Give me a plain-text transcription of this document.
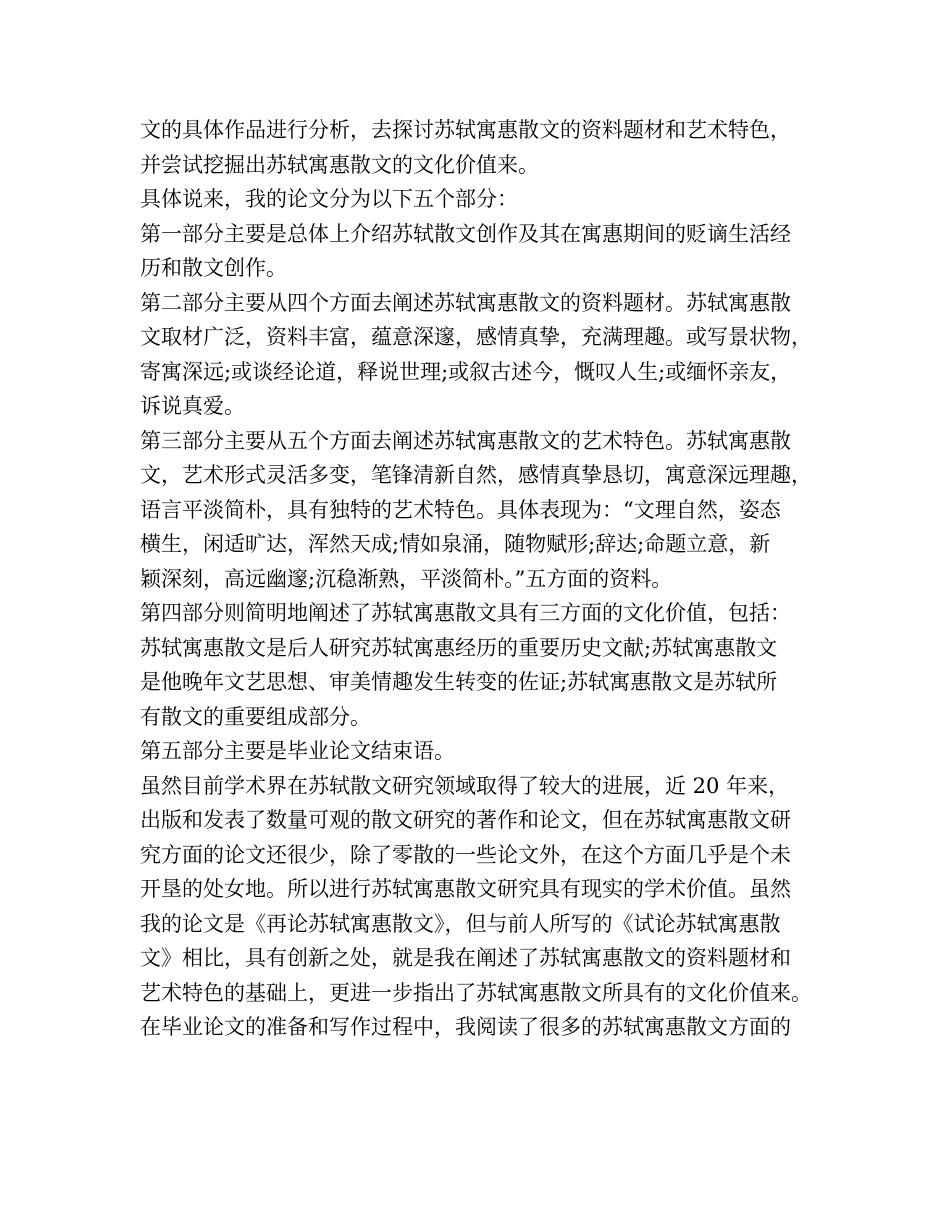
文的具体作品进行分析，去探讨苏轼寓惠散文的资料题材和艺术特色，
并尝试挖掘出苏轼寓惠散文的文化价值来。
具体说来，我的论文分为以下五个部分：
第一部分主要是总体上介绍苏轼散文创作及其在寓惠期间的贬谪生活经
历和散文创作。
第二部分主要从四个方面去阐述苏轼寓惠散文的资料题材。苏轼寓惠散
文取材广泛，资料丰富，蕴意深邃，感情真挚，充满理趣。或写景状物，
寄寓深远;或谈经论道，释说世理;或叙古述今，慨叹人生;或缅怀亲友，
诉说真爱。
第三部分主要从五个方面去阐述苏轼寓惠散文的艺术特色。苏轼寓惠散
文，艺术形式灵活多变，笔锋清新自然，感情真挚恳切，寓意深远理趣，
语言平淡简朴，具有独特的艺术特色。具体表现为：“文理自然，姿态
横生，闲适旷达，浑然天成;情如泉涌，随物赋形;辞达;命题立意，新
颖深刻，高远幽邃;沉稳渐熟，平淡简朴。”五方面的资料。
第四部分则简明地阐述了苏轼寓惠散文具有三方面的文化价值，包括：
苏轼寓惠散文是后人研究苏轼寓惠经历的重要历史文献;苏轼寓惠散文
是他晚年文艺思想、审美情趣发生转变的佐证;苏轼寓惠散文是苏轼所
有散文的重要组成部分。
第五部分主要是毕业论文结束语。
虽然目前学术界在苏轼散文研究领域取得了较大的进展，近 20 年来，
出版和发表了数量可观的散文研究的著作和论文，但在苏轼寓惠散文研
究方面的论文还很少，除了零散的一些论文外，在这个方面几乎是个未
开垦的处女地。所以进行苏轼寓惠散文研究具有现实的学术价值。虽然
我的论文是《再论苏轼寓惠散文》，但与前人所写的《试论苏轼寓惠散
文》相比，具有创新之处，就是我在阐述了苏轼寓惠散文的资料题材和
艺术特色的基础上，更进一步指出了苏轼寓惠散文所具有的文化价值来。
在毕业论文的准备和写作过程中，我阅读了很多的苏轼寓惠散文方面的
